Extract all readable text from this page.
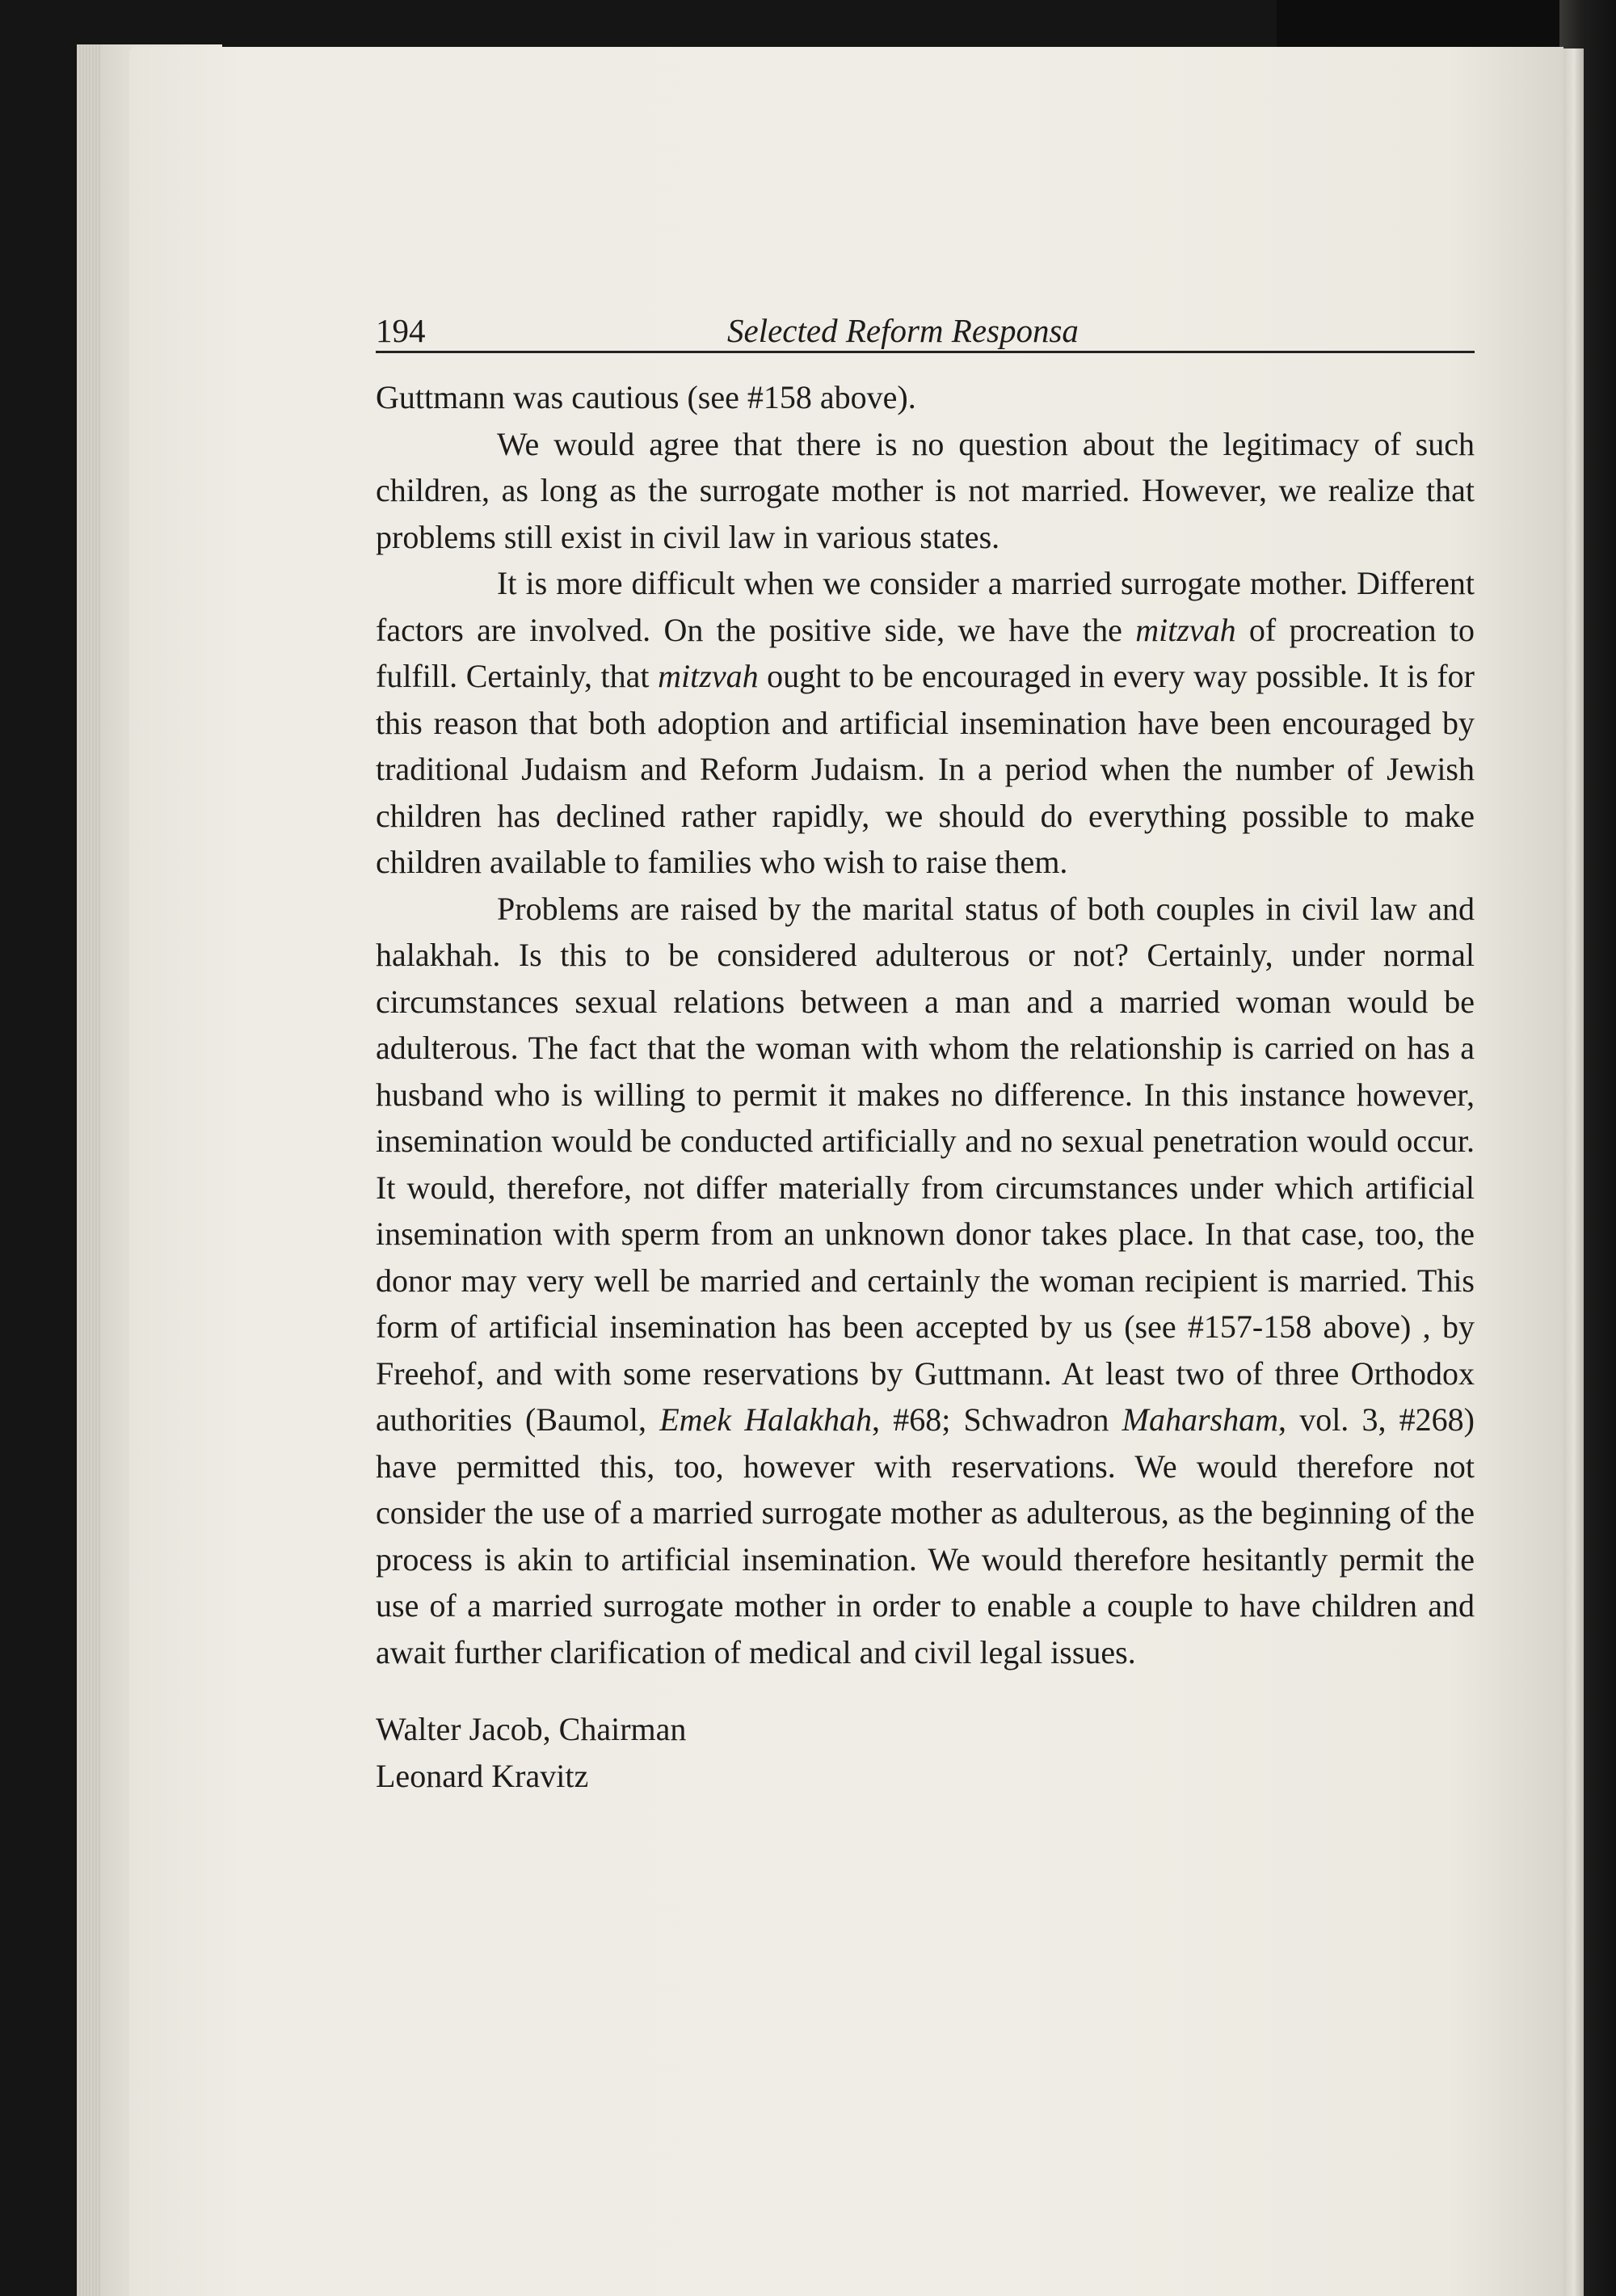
194	Selected Reform Responsa

Guttmann was cautious (see #158 above).

We would agree that there is no question about the legitimacy of such children, as long as the surrogate mother is not married. However, we realize that problems still exist in civil law in various states.

It is more difficult when we consider a married surrogate mother. Different factors are involved. On the positive side, we have the mitzvah of procreation to fulfill. Certainly, that mitzvah ought to be encouraged in every way possible. It is for this reason that both adoption and artificial insemination have been encouraged by traditional Judaism and Reform Judaism. In a period when the number of Jewish children has declined rather rapidly, we should do everything possible to make children available to families who wish to raise them.

Problems are raised by the marital status of both couples in civil law and halakhah. Is this to be considered adulterous or not? Certainly, under normal circumstances sexual relations between a man and a married woman would be adulterous. The fact that the woman with whom the relationship is carried on has a husband who is willing to permit it makes no difference. In this instance however, insemination would be conducted artificially and no sexual penetration would occur. It would, therefore, not differ materially from circumstances under which artificial insemination with sperm from an unknown donor takes place. In that case, too, the donor may very well be married and certainly the woman recipient is married. This form of artificial insemination has been accepted by us (see #157-158 above) , by Freehof, and with some reservations by Guttmann. At least two of three Orthodox authorities (Baumol, Emek Halakhah, #68; Schwadron Maharsham, vol. 3, #268) have permitted this, too, however with reservations. We would therefore not consider the use of a married surrogate mother as adulterous, as the beginning of the process is akin to artificial insemination. We would therefore hesitantly permit the use of a married surrogate mother in order to enable a couple to have children and await further clarification of medical and civil legal issues.

Walter Jacob, Chairman
Leonard Kravitz
